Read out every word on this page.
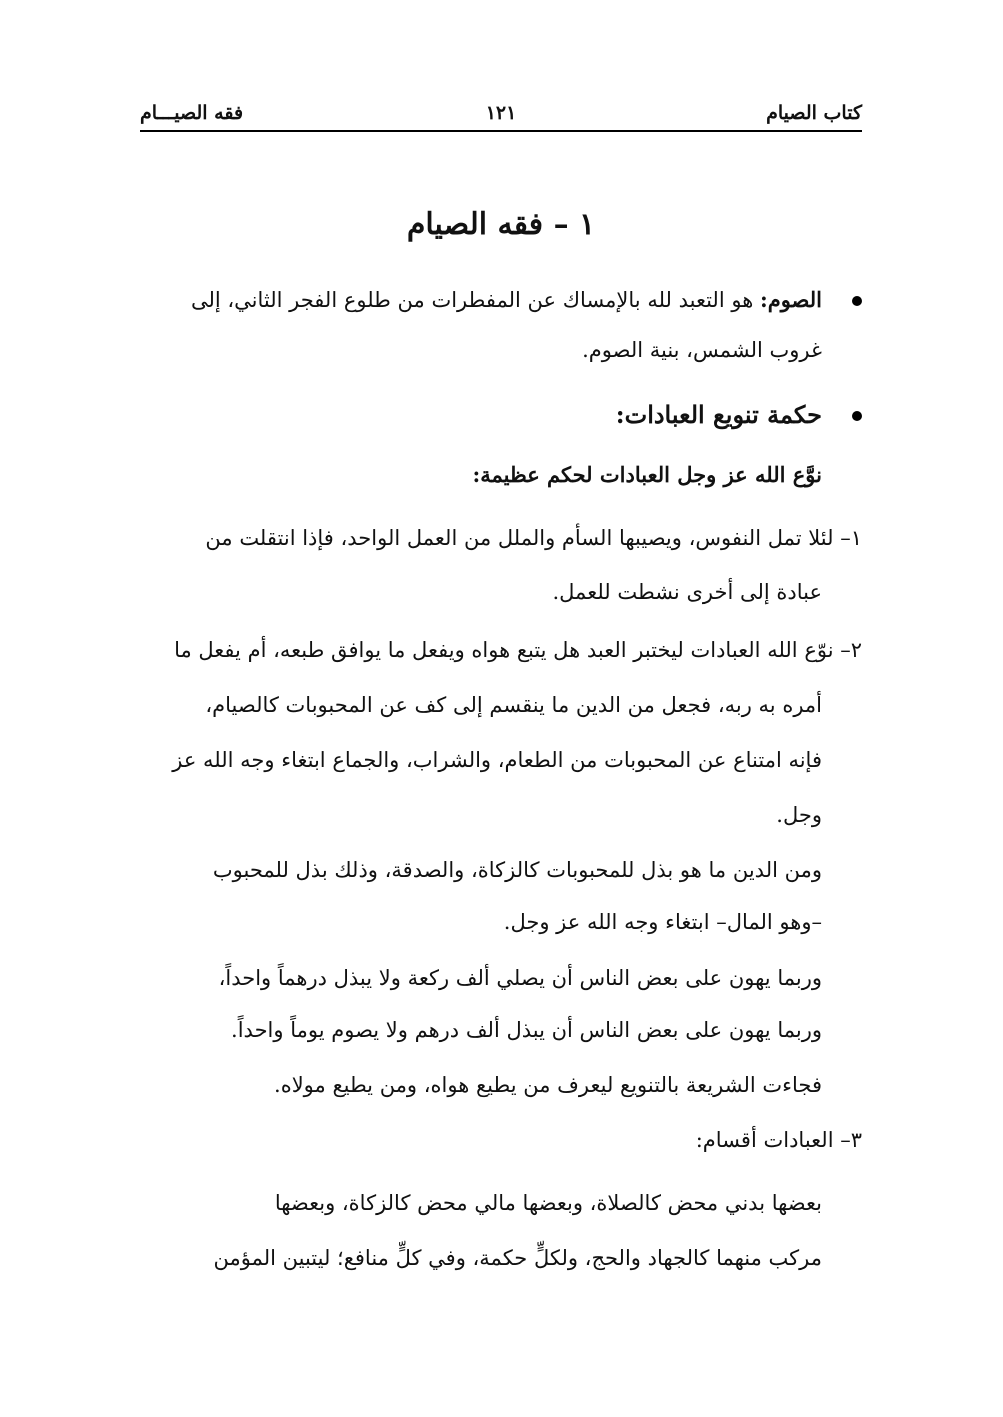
كتاب الصيام
١٢١
فقه الصيـــام
١ – فقه الصيام
الصوم: هو التعبد لله بالإمساك عن المفطرات من طلوع الفجر الثاني، إلى
غروب الشمس، بنية الصوم.
حكمة تنويع العبادات:
نوَّع الله عز وجل العبادات لحكم عظيمة:
١– لئلا تمل النفوس، ويصيبها السأم والملل من العمل الواحد، فإذا انتقلت من
عبادة إلى أخرى نشطت للعمل.
٢– نوّع الله العبادات ليختبر العبد هل يتبع هواه ويفعل ما يوافق طبعه، أم يفعل ما
أمره به ربه، فجعل من الدين ما ينقسم إلى كف عن المحبوبات كالصيام،
فإنه امتناع عن المحبوبات من الطعام، والشراب، والجماع ابتغاء وجه الله عز
وجل.
ومن الدين ما هو بذل للمحبوبات كالزكاة، والصدقة، وذلك بذل للمحبوب
–وهو المال– ابتغاء وجه الله عز وجل.
وربما يهون على بعض الناس أن يصلي ألف ركعة ولا يبذل درهماً واحداً،
وربما يهون على بعض الناس أن يبذل ألف درهم ولا يصوم يوماً واحداً.
فجاءت الشريعة بالتنويع ليعرف من يطيع هواه، ومن يطيع مولاه.
٣– العبادات أقسام:
بعضها بدني محض كالصلاة، وبعضها مالي محض كالزكاة، وبعضها
مركب منهما كالجهاد والحج، ولكلٍّ حكمة، وفي كلٍّ منافع؛ ليتبين المؤمن
